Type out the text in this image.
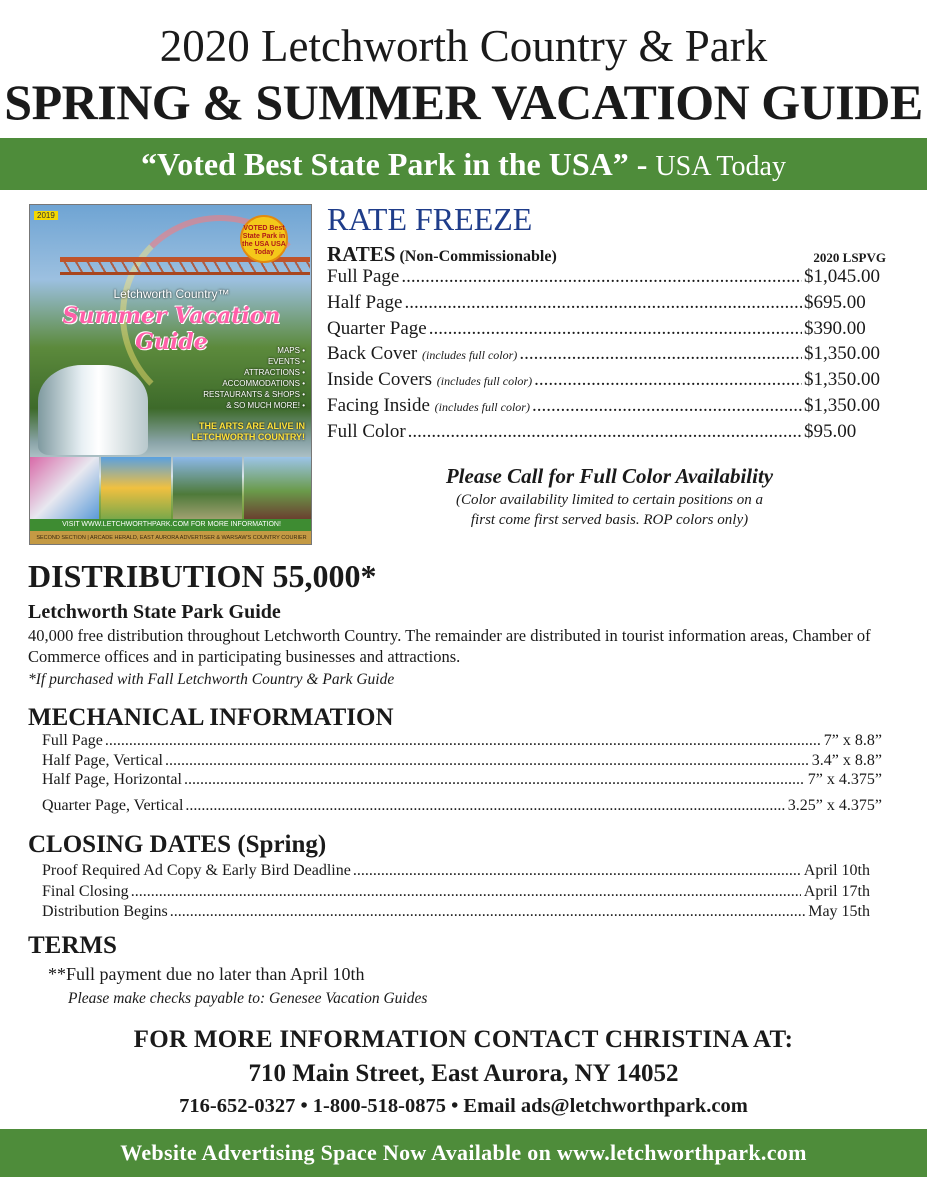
2020 Letchworth Country & Park
SPRING & SUMMER VACATION GUIDE
“Voted Best State Park in the USA” - USA Today
2019
VOTED Best State Park in the USA USA Today
Letchworth Country™
Summer Vacation Guide	MAPS •
EVENTS •
ATTRACTIONS •
ACCOMMODATIONS •
RESTAURANTS & SHOPS •
& SO MUCH MORE! •
THE ARTS ARE ALIVE IN
LETCHWORTH COUNTRY!
VISIT WWW.LETCHWORTHPARK.COM FOR MORE INFORMATION!
SECOND SECTION | ARCADE HERALD, EAST AURORA ADVERTISER & WARSAW'S COUNTRY COURIER
RATE FREEZE
RATES (Non-Commissionable)	2020 LSPVG
Full Page .....	$1,045.00
Half Page .....	$695.00
Quarter Page .....	$390.00
Back Cover (includes full color) .....	$1,350.00
Inside Covers (includes full color) .....	$1,350.00
Facing Inside (includes full color) .....	$1,350.00
Full Color .....	$95.00
Please Call for Full Color Availability
(Color availability limited to certain positions on a
first come first served basis. ROP colors only)
DISTRIBUTION 55,000*
Letchworth State Park Guide
40,000 free distribution throughout Letchworth Country. The remainder are distributed in tourist information areas, Chamber of Commerce offices and in participating businesses and attractions.
*If purchased with Fall Letchworth Country & Park Guide
MECHANICAL INFORMATION
Full Page .....	7” x 8.8”
Half Page, Vertical .....	3.4” x 8.8”
Half Page, Horizontal .....	7” x 4.375”
Quarter Page, Vertical .....	3.25” x 4.375”
CLOSING DATES (Spring)
Proof Required Ad Copy & Early Bird Deadline .....	April 10th
Final Closing .....	April 17th
Distribution Begins .....	May 15th
TERMS
**Full payment due no later than April 10th
Please make checks payable to: Genesee Vacation Guides
FOR MORE INFORMATION CONTACT CHRISTINA AT:
710 Main Street, East Aurora, NY 14052
716-652-0327 • 1-800-518-0875 • Email ads@letchworthpark.com
Website Advertising Space Now Available on www.letchworthpark.com
